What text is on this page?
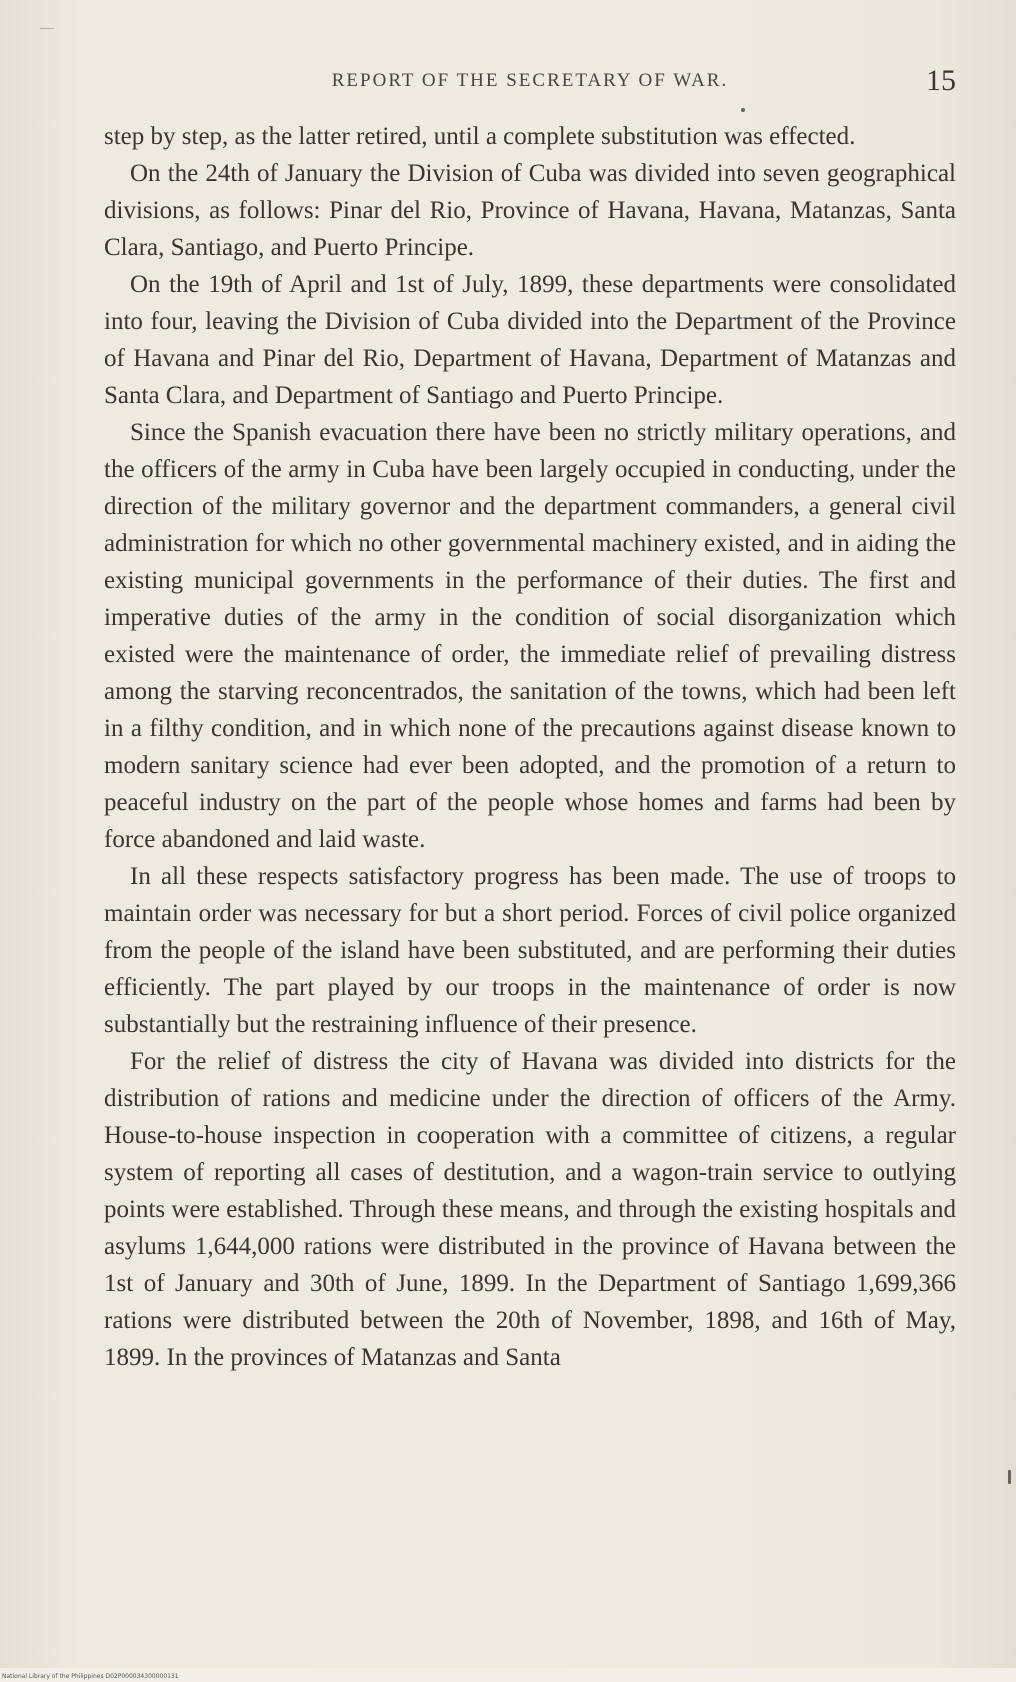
REPORT OF THE SECRETARY OF WAR.	15

step by step, as the latter retired, until a complete substitution was effected.

On the 24th of January the Division of Cuba was divided into seven geographical divisions, as follows: Pinar del Rio, Province of Havana, Havana, Matanzas, Santa Clara, Santiago, and Puerto Principe.

On the 19th of April and 1st of July, 1899, these departments were consolidated into four, leaving the Division of Cuba divided into the Department of the Province of Havana and Pinar del Rio, Department of Havana, Department of Matanzas and Santa Clara, and Department of Santiago and Puerto Principe.

Since the Spanish evacuation there have been no strictly military operations, and the officers of the army in Cuba have been largely occupied in conducting, under the direction of the military governor and the department commanders, a general civil administration for which no other governmental machinery existed, and in aiding the existing municipal governments in the performance of their duties. The first and imperative duties of the army in the condition of social disorganization which existed were the maintenance of order, the immediate relief of prevailing distress among the starving reconcentrados, the sanitation of the towns, which had been left in a filthy condition, and in which none of the precautions against disease known to modern sanitary science had ever been adopted, and the promotion of a return to peaceful industry on the part of the people whose homes and farms had been by force abandoned and laid waste.

In all these respects satisfactory progress has been made. The use of troops to maintain order was necessary for but a short period. Forces of civil police organized from the people of the island have been substituted, and are performing their duties efficiently. The part played by our troops in the maintenance of order is now substantially but the restraining influence of their presence.

For the relief of distress the city of Havana was divided into districts for the distribution of rations and medicine under the direction of officers of the Army. House-to-house inspection in cooperation with a committee of citizens, a regular system of reporting all cases of destitution, and a wagon-train service to outlying points were established. Through these means, and through the existing hospitals and asylums 1,644,000 rations were distributed in the province of Havana between the 1st of January and 30th of June, 1899. In the Department of Santiago 1,699,366 rations were distributed between the 20th of November, 1898, and 16th of May, 1899. In the provinces of Matanzas and Santa

National Library of the Philippines D02P000034300000131
